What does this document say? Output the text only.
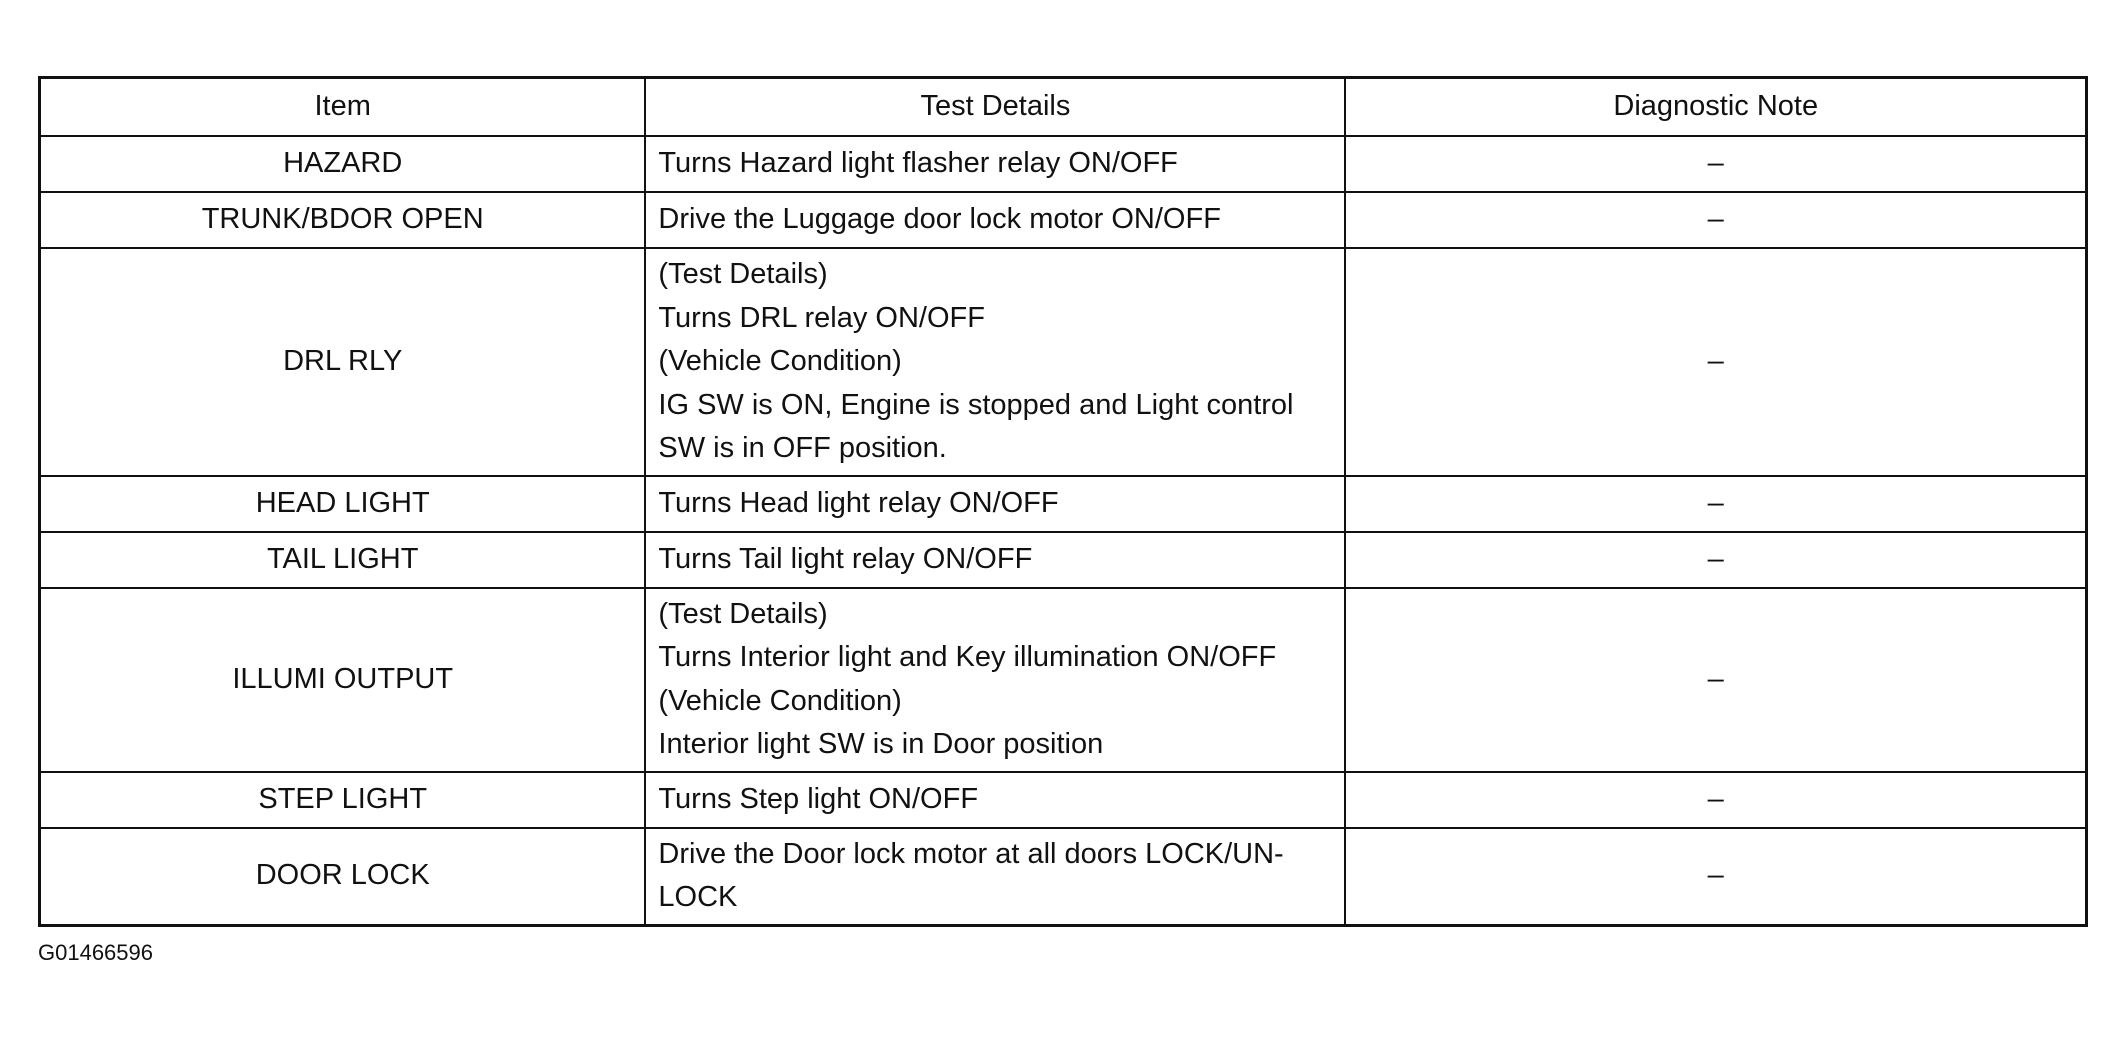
Item	Test Details	Diagnostic Note
HAZARD	Turns Hazard light flasher relay ON/OFF	–
TRUNK/BDOR OPEN	Drive the Luggage door lock motor ON/OFF	–
DRL RLY	(Test Details)
Turns DRL relay ON/OFF
(Vehicle Condition)
IG SW is ON, Engine is stopped and Light control SW is in OFF position.	–
HEAD LIGHT	Turns Head light relay ON/OFF	–
TAIL LIGHT	Turns Tail light relay ON/OFF	–
ILLUMI OUTPUT	(Test Details)
Turns Interior light and Key illumination ON/OFF
(Vehicle Condition)
Interior light SW is in Door position	–
STEP LIGHT	Turns Step light ON/OFF	–
DOOR LOCK	Drive the Door lock motor at all doors LOCK/UN-LOCK	–
G01466596
